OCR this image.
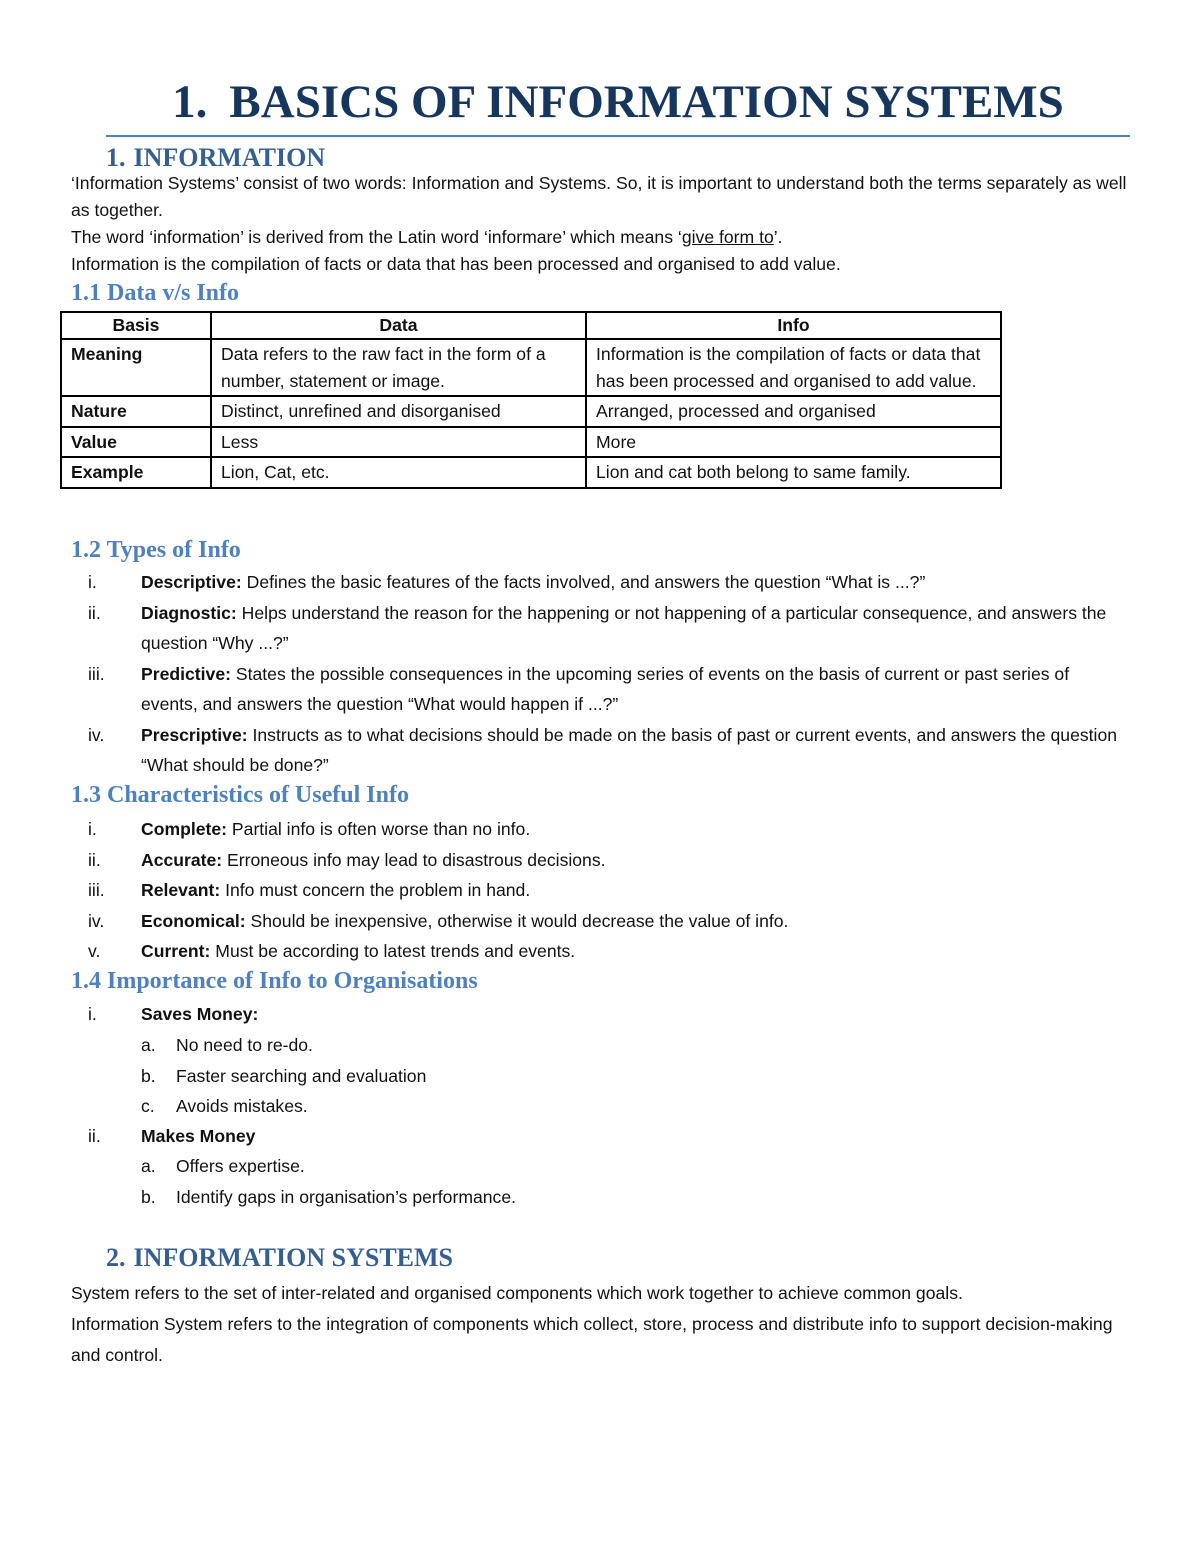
1. BASICS OF INFORMATION SYSTEMS
1. INFORMATION
‘Information Systems’ consist of two words: Information and Systems. So, it is important to understand both the terms separately as well as together.
The word ‘information’ is derived from the Latin word ‘informare’ which means ‘give form to’.
Information is the compilation of facts or data that has been processed and organised to add value.
1.1 Data v/s Info
Basis	Data	Info
Meaning	Data refers to the raw fact in the form of a number, statement or image.	Information is the compilation of facts or data that has been processed and organised to add value.
Nature	Distinct, unrefined and disorganised	Arranged, processed and organised
Value	Less	More
Example	Lion, Cat, etc.	Lion and cat both belong to same family.
1.2 Types of Info
i.	Descriptive: Defines the basic features of the facts involved, and answers the question “What is ...?”
ii.	Diagnostic: Helps understand the reason for the happening or not happening of a particular consequence, and answers the question “Why ...?”
iii.	Predictive: States the possible consequences in the upcoming series of events on the basis of current or past series of events, and answers the question “What would happen if ...?”
iv.	Prescriptive: Instructs as to what decisions should be made on the basis of past or current events, and answers the question “What should be done?”
1.3 Characteristics of Useful Info
i.	Complete: Partial info is often worse than no info.
ii.	Accurate: Erroneous info may lead to disastrous decisions.
iii.	Relevant: Info must concern the problem in hand.
iv.	Economical: Should be inexpensive, otherwise it would decrease the value of info.
v.	Current: Must be according to latest trends and events.
1.4 Importance of Info to Organisations
i.	Saves Money:
a.	No need to re-do.
b.	Faster searching and evaluation
c.	Avoids mistakes.
ii.	Makes Money
a.	Offers expertise.
b.	Identify gaps in organisation’s performance.
2. INFORMATION SYSTEMS
System refers to the set of inter-related and organised components which work together to achieve common goals.
Information System refers to the integration of components which collect, store, process and distribute info to support decision-making and control.
